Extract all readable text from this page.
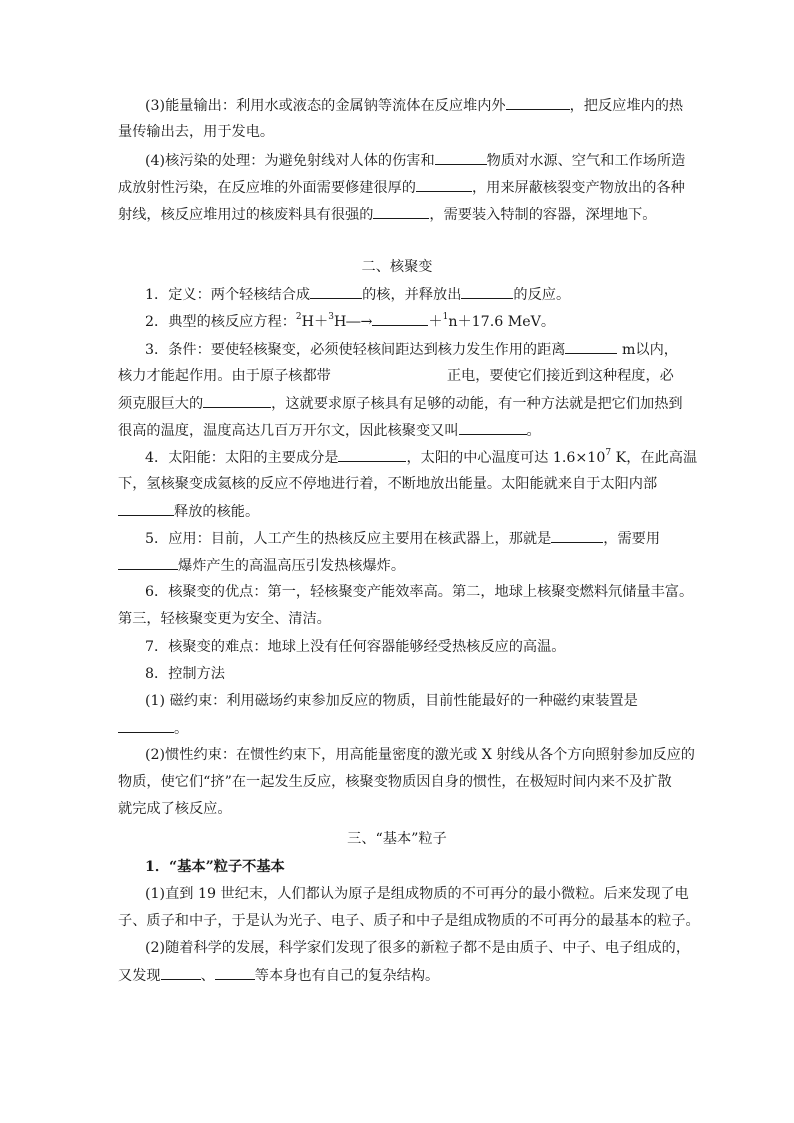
(3)能量输出：利用水或液态的金属钠等流体在反应堆内外	，把反应堆内的热
量传输出去，用于发电。
(4)核污染的处理：为避免射线对人体的伤害和	物质对水源、空气和工作场所造
成放射性污染，在反应堆的外面需要修建很厚的	，用来屏蔽核裂变产物放出的各种
射线，核反应堆用过的核废料具有很强的	，需要装入特制的容器，深埋地下。
二、核聚变
1．定义：两个轻核结合成	的核，并释放出	的反应。
2．典型的核反应方程：$^2$H＋$^3$H―→	＋$^1$n＋17.6 MeV。
3．条件：要使轻核聚变，必须使轻核间距达到核力发生作用的距离	m以内，
核力才能起作用。由于原子核都带	正电，要使它们接近到这种程度，必
须克服巨大的	，这就要求原子核具有足够的动能，有一种方法就是把它们加热到
很高的温度，温度高达几百万开尔文，因此核聚变又叫	。
4．太阳能：太阳的主要成分是	，太阳的中心温度可达 $1.6\times 10^7$ K，在此高温
下，氢核聚变成氦核的反应不停地进行着，不断地放出能量。太阳能就来自于太阳内部
释放的核能。
5．应用：目前，人工产生的热核反应主要用在核武器上，那就是	，需要用
爆炸产生的高温高压引发热核爆炸。
6．核聚变的优点：第一，轻核聚变产能效率高。第二，地球上核聚变燃料氘储量丰富。
第三，轻核聚变更为安全、清洁。
7．核聚变的难点：地球上没有任何容器能够经受热核反应的高温。
8．控制方法
(1) 磁约束：利用磁场约束参加反应的物质，目前性能最好的一种磁约束装置是
。
(2)惯性约束：在惯性约束下，用高能量密度的激光或 X 射线从各个方向照射参加反应的
物质，使它们“挤”在一起发生反应，核聚变物质因自身的惯性，在极短时间内来不及扩散
就完成了核反应。
三、“基本”粒子
1．“基本”粒子不基本
(1)直到 19 世纪末，人们都认为原子是组成物质的不可再分的最小微粒。后来发现了电
子、质子和中子，于是认为光子、电子、质子和中子是组成物质的不可再分的最基本的粒子。
(2)随着科学的发展，科学家们发现了很多的新粒子都不是由质子、中子、电子组成的，
又发现	、	等本身也有自己的复杂结构。
